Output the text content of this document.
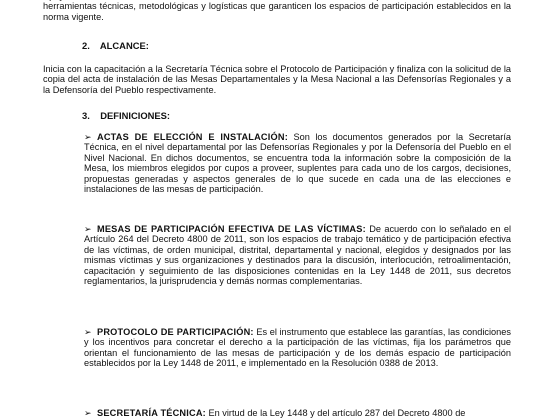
herramientas técnicas, metodológicas y logísticas que garanticen los espacios de participación establecidos en la norma vigente.

2. ALCANCE:

Inicia con la capacitación a la Secretaría Técnica sobre el Protocolo de Participación y finaliza con la solicitud de la copia del acta de instalación de las Mesas Departamentales y la Mesa Nacional a las Defensorías Regionales y a la Defensoría del Pueblo respectivamente.

3. DEFINICIONES:

➢ ACTAS DE ELECCIÓN E INSTALACIÓN: Son los documentos generados por la Secretaría Técnica, en el nivel departamental por las Defensorías Regionales y por la Defensoría del Pueblo en el Nivel Nacional. En dichos documentos, se encuentra toda la información sobre la composición de la Mesa, los miembros elegidos por cupos a proveer, suplentes para cada uno de los cargos, decisiones, propuestas generadas y aspectos generales de lo que sucede en cada una de las elecciones e instalaciones de las mesas de participación.

➢ MESAS DE PARTICIPACIÓN EFECTIVA DE LAS VÍCTIMAS: De acuerdo con lo señalado en el Artículo 264 del Decreto 4800 de 2011, son los espacios de trabajo temático y de participación efectiva de las víctimas, de orden municipal, distrital, departamental y nacional, elegidos y designados por las mismas víctimas y sus organizaciones y destinados para la discusión, interlocución, retroalimentación, capacitación y seguimiento de las disposiciones contenidas en la Ley 1448 de 2011, sus decretos reglamentarios, la jurisprudencia y demás normas complementarias.

➢ PROTOCOLO DE PARTICIPACIÓN: Es el instrumento que establece las garantías, las condiciones y los incentivos para concretar el derecho a la participación de las víctimas, fija los parámetros que orientan el funcionamiento de las mesas de participación y de los demás espacio de participación establecidos por la Ley 1448 de 2011, e implementado en la Resolución 0388 de 2013.

➢ SECRETARÍA TÉCNICA: En virtud de la Ley 1448 y del artículo 287 del Decreto 4800 de
